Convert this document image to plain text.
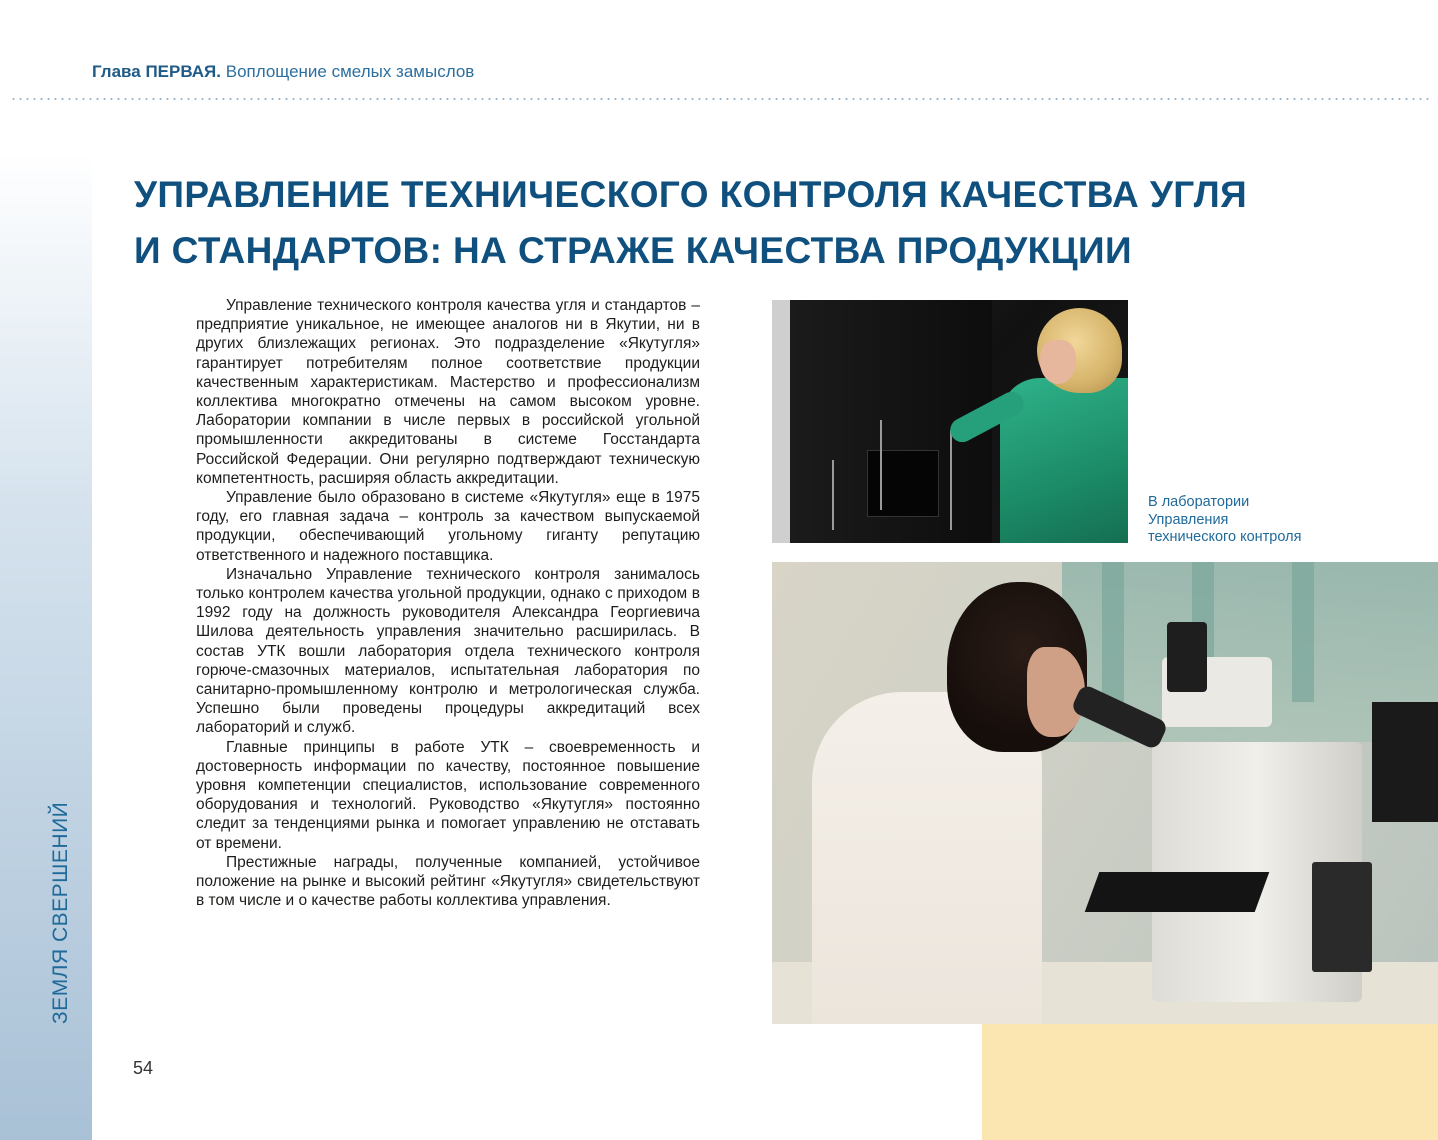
Глава ПЕРВАЯ. Воплощение смелых замыслов
ЗЕМЛЯ СВЕРШЕНИЙ
УПРАВЛЕНИЕ ТЕХНИЧЕСКОГО КОНТРОЛЯ КАЧЕСТВА УГЛЯ
И СТАНДАРТОВ: НА СТРАЖЕ КАЧЕСТВА ПРОДУКЦИИ

Управление технического контроля качества угля и стандартов – предприятие уникальное, не имеющее аналогов ни в Якутии, ни в других близлежащих регионах. Это подразделение «Якутугля» гарантирует потребителям полное соответствие продукции качественным характеристикам. Мастерство и профессионализм коллектива многократно отмечены на самом высоком уровне. Лаборатории компании в числе первых в российской угольной промышленности аккредитованы в системе Госстандарта Российской Федерации. Они регулярно подтверждают техническую компетентность, расширяя область аккредитации.

Управление было образовано в системе «Якутугля» еще в 1975 году, его главная задача – контроль за качеством выпускаемой продукции, обеспечивающий угольному гиганту репутацию ответственного и надежного поставщика.

Изначально Управление технического контроля занималось только контролем качества угольной продукции, однако с приходом в 1992 году на должность руководителя Александра Георгиевича Шилова деятельность управления значительно расширилась. В состав УТК вошли лаборатория отдела технического контроля горюче-смазочных материалов, испытательная лаборатория по санитарно-промышленному контролю и метрологическая служба. Успешно были проведены процедуры аккредитаций всех лабораторий и служб.

Главные принципы в работе УТК – своевременность и достоверность информации по качеству, постоянное повышение уровня компетенции специалистов, использование современного оборудования и технологий. Руководство «Якутугля» постоянно следит за тенденциями рынка и помогает управлению не отставать от времени.

Престижные награды, полученные компанией, устойчивое положение на рынке и высокий рейтинг «Якутугля» свидетельствуют в том числе и о качестве работы коллектива управления.

В лаборатории
Управления
технического контроля
54
